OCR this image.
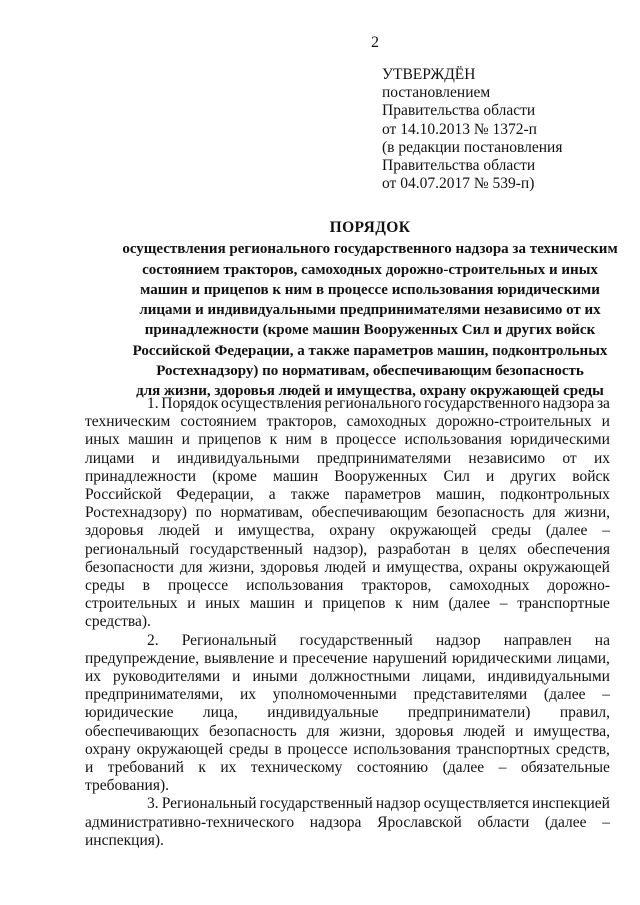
2
УТВЕРЖДЁН
постановлением
Правительства области
от 14.10.2013 № 1372-п
(в редакции постановления
Правительства области
от 04.07.2017 № 539-п)
ПОРЯДОК
осуществления регионального государственного надзора за техническим
состоянием тракторов, самоходных дорожно-строительных и иных
машин и прицепов к ним в процессе использования юридическими
лицами и индивидуальными предпринимателями независимо от их
принадлежности (кроме машин Вооруженных Сил и других войск
Российской Федерации, а также параметров машин, подконтрольных
Ростехнадзору) по нормативам, обеспечивающим безопасность
для жизни, здоровья людей и имущества, охрану окружающей среды
1. Порядок осуществления регионального государственного надзора за
техническим состоянием тракторов, самоходных дорожно-строительных и
иных машин и прицепов к ним в процессе использования юридическими
лицами и индивидуальными предпринимателями независимо от их
принадлежности (кроме машин Вооруженных Сил и других войск
Российской Федерации, а также параметров машин, подконтрольных
Ростехнадзору) по нормативам, обеспечивающим безопасность для жизни,
здоровья людей и имущества, охрану окружающей среды (далее –
региональный государственный надзор), разработан в целях обеспечения
безопасности для жизни, здоровья людей и имущества, охраны окружающей
среды в процессе использования тракторов, самоходных дорожно-
строительных и иных машин и прицепов к ним (далее – транспортные
средства).
2. Региональный государственный надзор направлен на
предупреждение, выявление и пресечение нарушений юридическими лицами,
их руководителями и иными должностными лицами, индивидуальными
предпринимателями, их уполномоченными представителями (далее –
юридические лица, индивидуальные предприниматели) правил,
обеспечивающих безопасность для жизни, здоровья людей и имущества,
охрану окружающей среды в процессе использования транспортных средств,
и требований к их техническому состоянию (далее – обязательные
требования).
3. Региональный государственный надзор осуществляется инспекцией
административно-технического надзора Ярославской области (далее –
инспекция).
